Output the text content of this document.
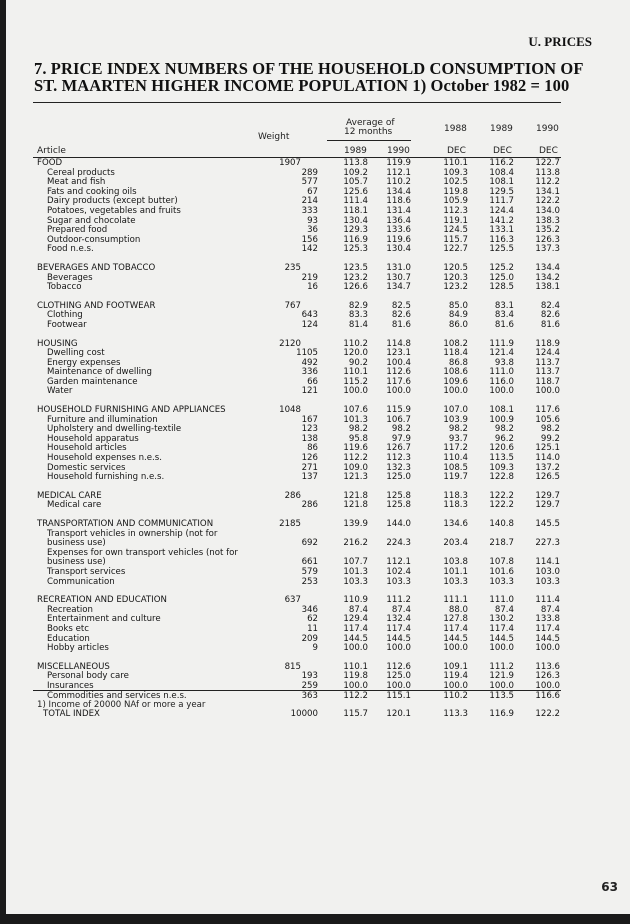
U. PRICES
7. PRICE INDEX NUMBERS OF THE HOUSEHOLD CONSUMPTION OF
ST. MAARTEN HIGHER INCOME POPULATION 1) October 1982 = 100
Article
Weight
Average of
12 months
1989 1990
1988	1989	1990
DEC	DEC	DEC
FOOD	1907	113.8	119.9	110.1	116.2	122.7
Cereal products	289	109.2	112.1	109.3	108.4	113.8
Meat and fish	577	105.7	110.2	102.5	108.1	112.2
Fats and cooking oils	67	125.6	134.4	119.8	129.5	134.1
Dairy products (except butter)	214	111.4	118.6	105.9	111.7	122.2
Potatoes, vegetables and fruits	333	118.1	131.4	112.3	124.4	134.0
Sugar and chocolate	93	130.4	136.4	119.1	141.2	138.3
Prepared food	36	129.3	133.6	124.5	133.1	135.2
Outdoor-consumption	156	116.9	119.6	115.7	116.3	126.3
Food n.e.s.	142	125.3	130.4	122.7	125.5	137.3

BEVERAGES AND TOBACCO	235	123.5	131.0	120.5	125.2	134.4
Beverages	219	123.2	130.7	120.3	125.0	134.2
Tobacco	16	126.6	134.7	123.2	128.5	138.1

CLOTHING AND FOOTWEAR	767	82.9	82.5	85.0	83.1	82.4
Clothing	643	83.3	82.6	84.9	83.4	82.6
Footwear	124	81.4	81.6	86.0	81.6	81.6

HOUSING	2120	110.2	114.8	108.2	111.9	118.9
Dwelling cost	1105	120.0	123.1	118.4	121.4	124.4
Energy expenses	492	90.2	100.4	86.8	93.8	113.7
Maintenance of dwelling	336	110.1	112.6	108.6	111.0	113.7
Garden maintenance	66	115.2	117.6	109.6	116.0	118.7
Water	121	100.0	100.0	100.0	100.0	100.0

HOUSEHOLD FURNISHING AND APPLIANCES	1048	107.6	115.9	107.0	108.1	117.6
Furniture and illumination	167	101.3	106.7	103.9	100.9	105.6
Upholstery and dwelling-textile	123	98.2	98.2	98.2	98.2	98.2
Household apparatus	138	95.8	97.9	93.7	96.2	99.2
Household articles	86	119.6	126.7	117.2	120.6	125.1
Household expenses n.e.s.	126	112.2	112.3	110.4	113.5	114.0
Domestic services	271	109.0	132.3	108.5	109.3	137.2
Household furnishing n.e.s.	137	121.3	125.0	119.7	122.8	126.5

MEDICAL CARE	286	121.8	125.8	118.3	122.2	129.7
Medical care	286	121.8	125.8	118.3	122.2	129.7

TRANSPORTATION AND COMMUNICATION	2185	139.9	144.0	134.6	140.8	145.5
Transport vehicles in ownership (not for						
business use)	692	216.2	224.3	203.4	218.7	227.3
Expenses for own transport vehicles (not for						
business use)	661	107.7	112.1	103.8	107.8	114.1
Transport services	579	101.3	102.4	101.1	101.6	103.0
Communication	253	103.3	103.3	103.3	103.3	103.3

RECREATION AND EDUCATION	637	110.9	111.2	111.1	111.0	111.4
Recreation	346	87.4	87.4	88.0	87.4	87.4
Entertainment and culture	62	129.4	132.4	127.8	130.2	133.8
Books etc	11	117.4	117.4	117.4	117.4	117.4
Education	209	144.5	144.5	144.5	144.5	144.5
Hobby articles	9	100.0	100.0	100.0	100.0	100.0

MISCELLANEOUS	815	110.1	112.6	109.1	111.2	113.6
Personal body care	193	119.8	125.0	119.4	121.9	126.3
Insurances	259	100.0	100.0	100.0	100.0	100.0
Commodities and services n.e.s.	363	112.2	115.1	110.2	113.5	116.6

TOTAL INDEX	10000	115.7	120.1	113.3	116.9	122.2
1) Income of 20000 NAf or more a year
63
